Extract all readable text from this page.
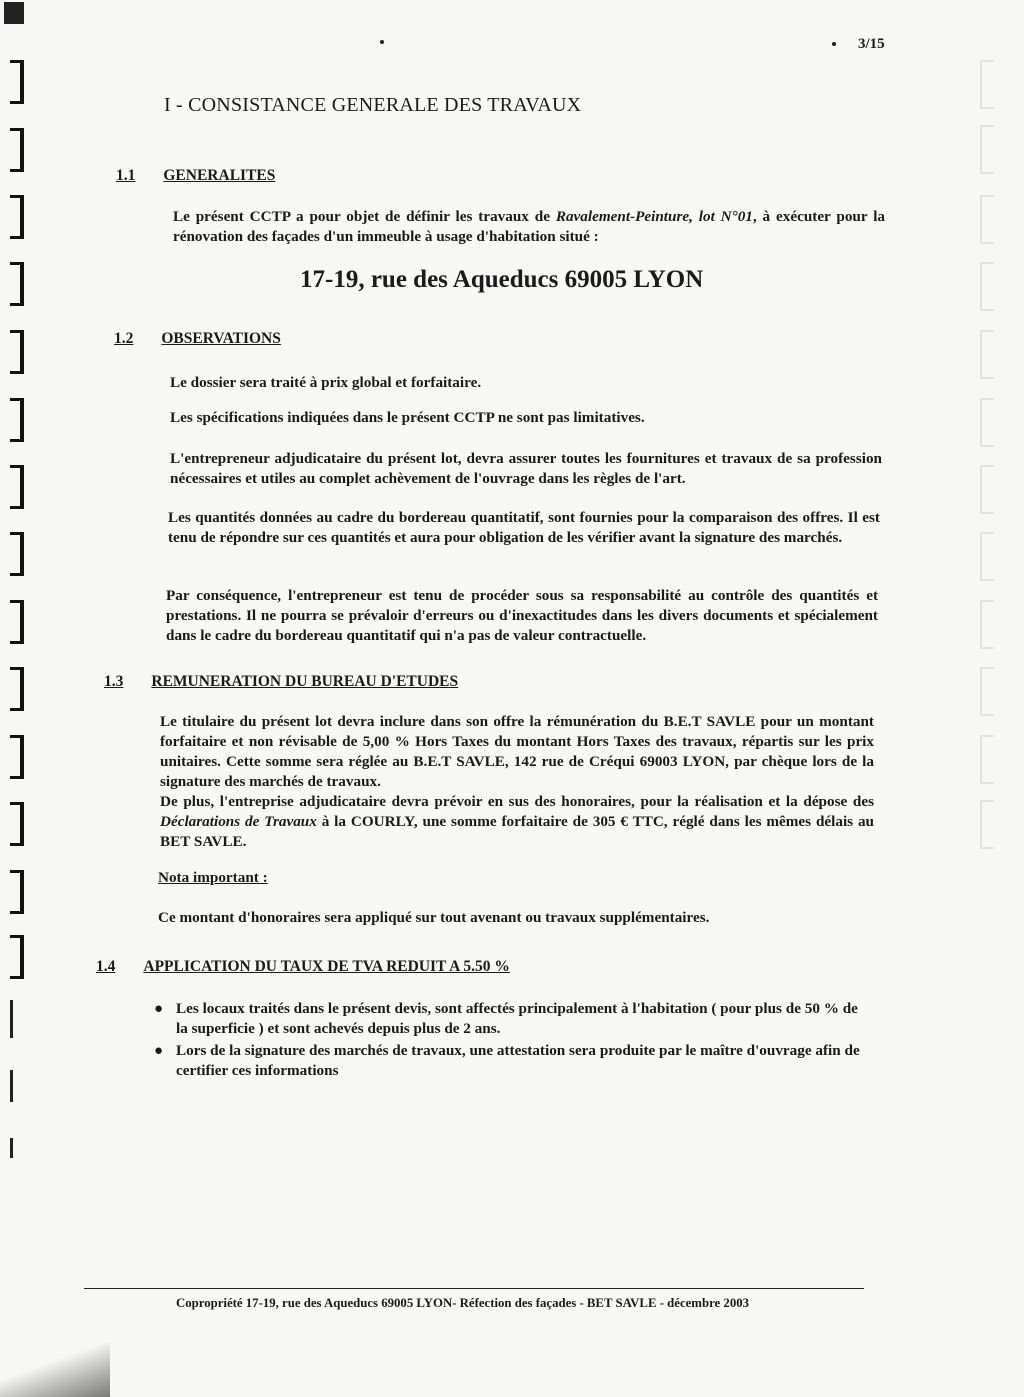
3/15
I - CONSISTANCE GENERALE DES TRAVAUX
1.1 GENERALITES
Le présent CCTP a pour objet de définir les travaux de Ravalement-Peinture, lot N°01, à exécuter pour la rénovation des façades d'un immeuble à usage d'habitation situé :
17-19, rue des Aqueducs 69005 LYON
1.2 OBSERVATIONS
Le dossier sera traité à prix global et forfaitaire.
Les spécifications indiquées dans le présent CCTP ne sont pas limitatives.
L'entrepreneur adjudicataire du présent lot, devra assurer toutes les fournitures et travaux de sa profession nécessaires et utiles au complet achèvement de l'ouvrage dans les règles de l'art.
Les quantités données au cadre du bordereau quantitatif, sont fournies pour la comparaison des offres. Il est tenu de répondre sur ces quantités et aura pour obligation de les vérifier avant la signature des marchés.
Par conséquence, l'entrepreneur est tenu de procéder sous sa responsabilité au contrôle des quantités et prestations. Il ne pourra se prévaloir d'erreurs ou d'inexactitudes dans les divers documents et spécialement dans le cadre du bordereau quantitatif qui n'a pas de valeur contractuelle.
1.3 REMUNERATION DU BUREAU D'ETUDES
Le titulaire du présent lot devra inclure dans son offre la rémunération du B.E.T SAVLE pour un montant forfaitaire et non révisable de 5,00 % Hors Taxes du montant Hors Taxes des travaux, répartis sur les prix unitaires. Cette somme sera réglée au B.E.T SAVLE, 142 rue de Créqui 69003 LYON, par chèque lors de la signature des marchés de travaux.
De plus, l'entreprise adjudicataire devra prévoir en sus des honoraires, pour la réalisation et la dépose des Déclarations de Travaux à la COURLY, une somme forfaitaire de 305 € TTC, réglé dans les mêmes délais au BET SAVLE.
Nota important :
Ce montant d'honoraires sera appliqué sur tout avenant ou travaux supplémentaires.
1.4 APPLICATION DU TAUX DE TVA REDUIT A 5.50 %
● Les locaux traités dans le présent devis, sont affectés principalement à l'habitation ( pour plus de 50 % de la superficie ) et sont achevés depuis plus de 2 ans.
● Lors de la signature des marchés de travaux, une attestation sera produite par le maître d'ouvrage afin de certifier ces informations
Copropriété 17-19, rue des Aqueducs 69005 LYON- Réfection des façades - BET SAVLE - décembre 2003
